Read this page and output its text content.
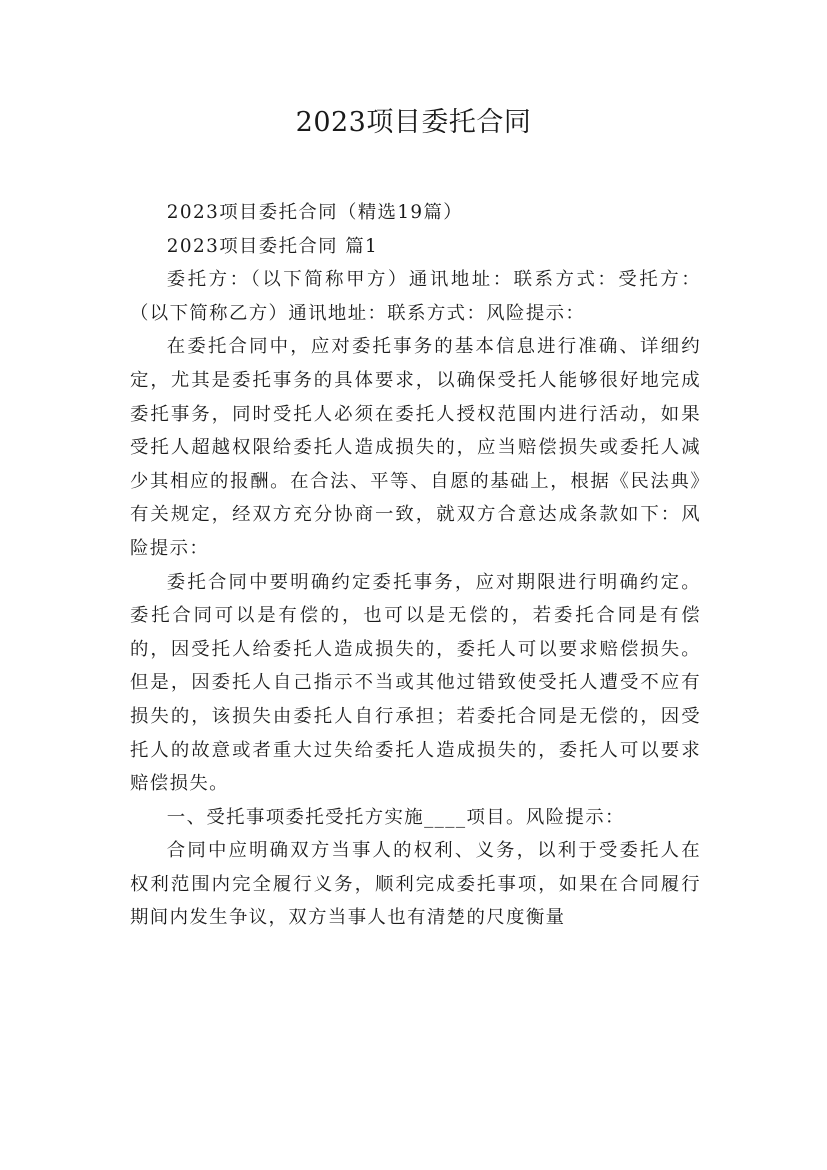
2023项目委托合同

2023项目委托合同（精选19篇）

2023项目委托合同 篇1

委托方：（以下简称甲方）通讯地址：联系方式：受托方：（以下简称乙方）通讯地址：联系方式：风险提示：

在委托合同中，应对委托事务的基本信息进行准确、详细约定，尤其是委托事务的具体要求，以确保受托人能够很好地完成委托事务，同时受托人必须在委托人授权范围内进行活动，如果受托人超越权限给委托人造成损失的，应当赔偿损失或委托人减少其相应的报酬。在合法、平等、自愿的基础上，根据《民法典》有关规定，经双方充分协商一致，就双方合意达成条款如下：风险提示：

委托合同中要明确约定委托事务，应对期限进行明确约定。委托合同可以是有偿的，也可以是无偿的，若委托合同是有偿的，因受托人给委托人造成损失的，委托人可以要求赔偿损失。但是，因委托人自己指示不当或其他过错致使受托人遭受不应有损失的，该损失由委托人自行承担；若委托合同是无偿的，因受托人的故意或者重大过失给委托人造成损失的，委托人可以要求赔偿损失。

一、受托事项委托受托方实施____项目。风险提示：

合同中应明确双方当事人的权利、义务，以利于受委托人在权利范围内完全履行义务，顺利完成委托事项，如果在合同履行期间内发生争议，双方当事人也有清楚的尺度衡量
